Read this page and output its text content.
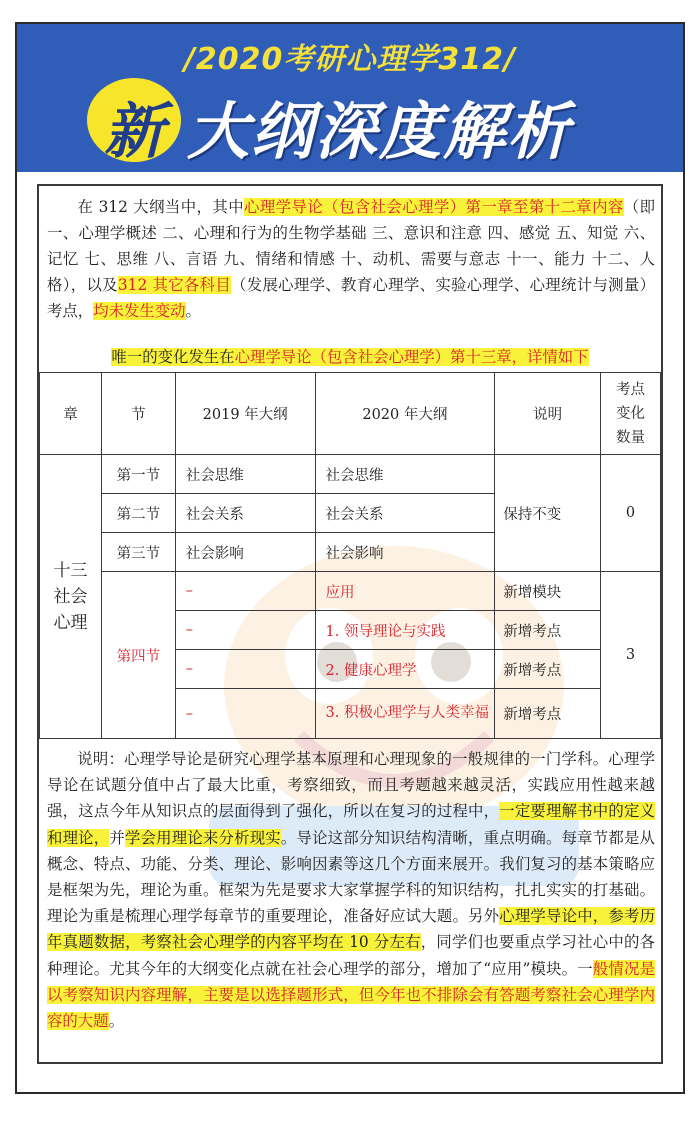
/2020考研心理学312/
新 大纲深度解析
在 312 大纲当中，其中心理学导论（包含社会心理学）第一章至第十二章内容（即一、心理学概述 二、心理和行为的生物学基础 三、意识和注意 四、感觉 五、知觉 六、记忆 七、思维 八、言语 九、情绪和情感 十、动机、需要与意志 十一、能力 十二、人格），以及312 其它各科目（发展心理学、教育心理学、实验心理学、心理统计与测量）考点，均未发生变动。
唯一的变化发生在心理学导论（包含社会心理学）第十三章，详情如下
章	节	2019 年大纲	2020 年大纲	说明	考点变化数量

十三社会心理	第一节	社会思维	社会思维	保持不变	0
	第二节	社会关系	社会关系		
	第三节	社会影响	社会影响		
	第四节	–	应用	新增模块	3
		–	1. 领导理论与实践	新增考点	
		–	2. 健康心理学	新增考点	
		–	3. 积极心理学与人类幸福	新增考点	
说明：心理学导论是研究心理学基本原理和心理现象的一般规律的一门学科。心理学导论在试题分值中占了最大比重，考察细致，而且考题越来越灵活，实践应用性越来越强，这点今年从知识点的层面得到了强化，所以在复习的过程中，一定要理解书中的定义和理论，并学会用理论来分析现实。导论这部分知识结构清晰，重点明确。每章节都是从概念、特点、功能、分类、理论、影响因素等这几个方面来展开。我们复习的基本策略应是框架为先，理论为重。框架为先是要求大家掌握学科的知识结构，扎扎实实的打基础。理论为重是梳理心理学每章节的重要理论，准备好应试大题。另外心理学导论中，参考历年真题数据，考察社会心理学的内容平均在 10 分左右，同学们也要重点学习社心中的各种理论。尤其今年的大纲变化点就在社会心理学的部分，增加了“应用”模块。一般情况是以考察知识内容理解，主要是以选择题形式，但今年也不排除会有答题考察社会心理学内容的大题。
